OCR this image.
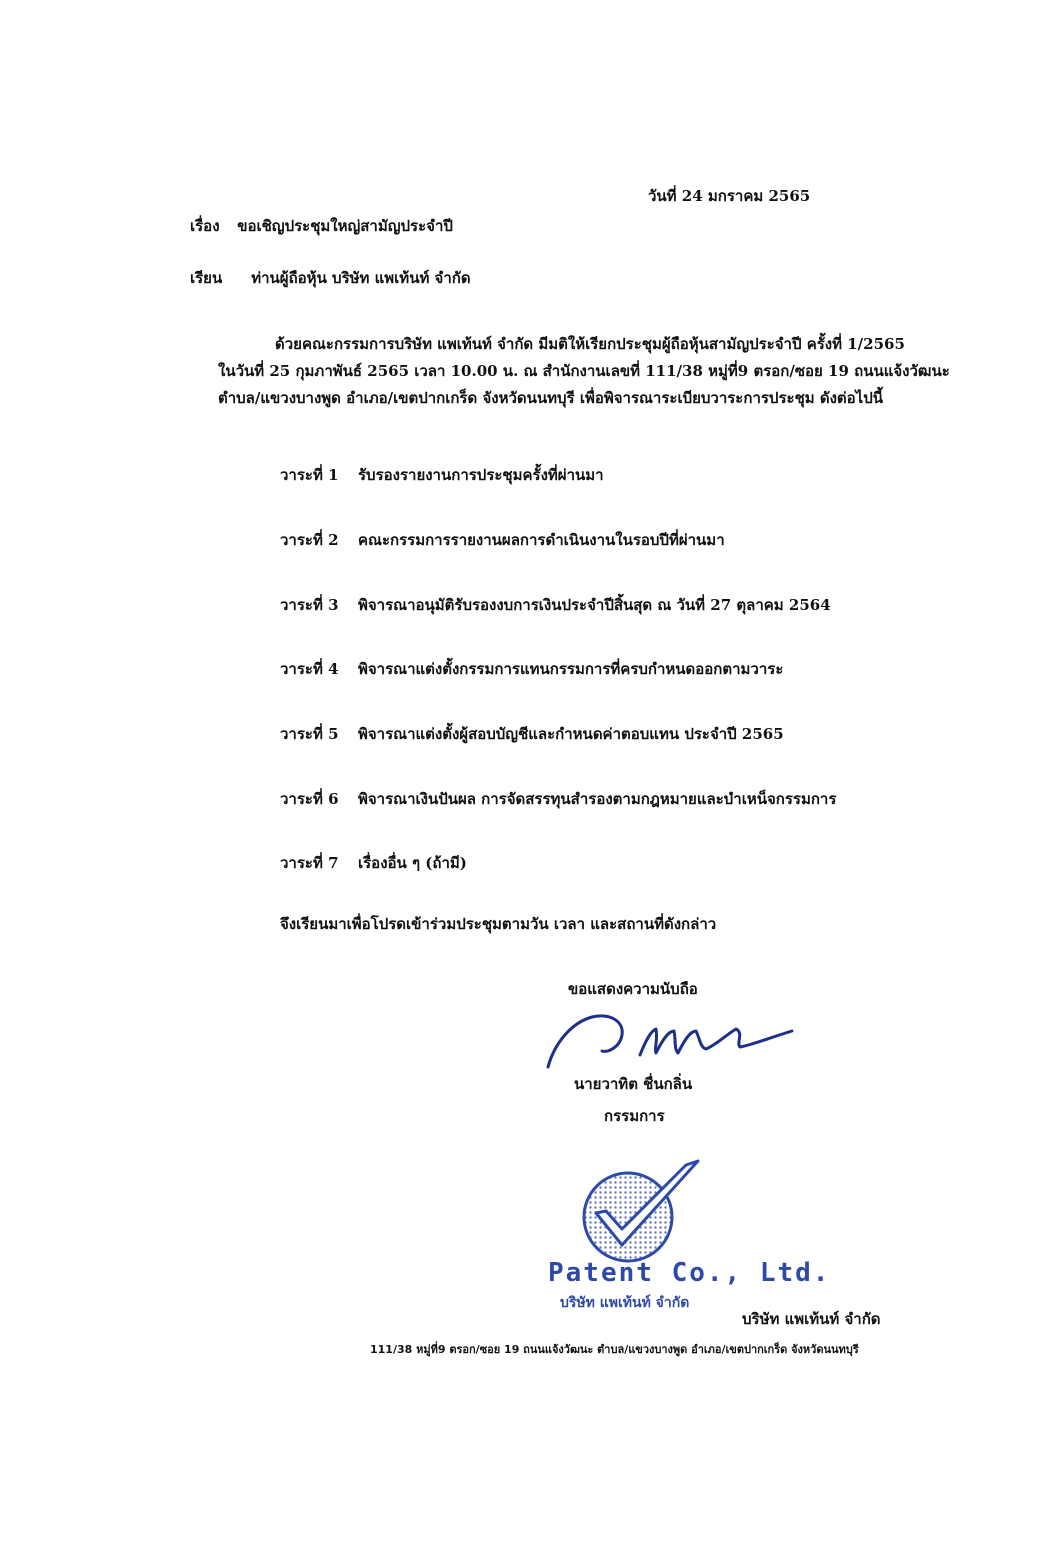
วันที่ 24 มกราคม 2565
เรื่อง ขอเชิญประชุมใหญ่สามัญประจำปี
เรียน ท่านผู้ถือหุ้น บริษัท แพเท้นท์ จำกัด
ด้วยคณะกรรมการบริษัท แพเท้นท์ จำกัด มีมติให้เรียกประชุมผู้ถือหุ้นสามัญประจำปี ครั้งที่ 1/2565
ในวันที่ 25 กุมภาพันธ์ 2565 เวลา 10.00 น. ณ สำนักงานเลขที่ 111/38 หมู่ที่9 ตรอก/ซอย 19 ถนนแจ้งวัฒนะ
ตำบล/แขวงบางพูด อำเภอ/เขตปากเกร็ด จังหวัดนนทบุรี เพื่อพิจารณาระเบียบวาระการประชุม ดังต่อไปนี้
วาระที่ 1 รับรองรายงานการประชุมครั้งที่ผ่านมา
วาระที่ 2 คณะกรรมการรายงานผลการดำเนินงานในรอบปีที่ผ่านมา
วาระที่ 3 พิจารณาอนุมัติรับรองงบการเงินประจำปีสิ้นสุด ณ วันที่ 27 ตุลาคม 2564
วาระที่ 4 พิจารณาแต่งตั้งกรรมการแทนกรรมการที่ครบกำหนดออกตามวาระ
วาระที่ 5 พิจารณาแต่งตั้งผู้สอบบัญชีและกำหนดค่าตอบแทน ประจำปี 2565
วาระที่ 6 พิจารณาเงินปันผล การจัดสรรทุนสำรองตามกฎหมายและบำเหน็จกรรมการ
วาระที่ 7 เรื่องอื่น ๆ (ถ้ามี)
จึงเรียนมาเพื่อโปรดเข้าร่วมประชุมตามวัน เวลา และสถานที่ดังกล่าว
ขอแสดงความนับถือ
นายวาทิต ชื่นกลิ่น
กรรมการ
Patent Co., Ltd.
บริษัท แพเท้นท์ จำกัด
บริษัท แพเท้นท์ จำกัด
111/38 หมู่ที่9 ตรอก/ซอย 19 ถนนแจ้งวัฒนะ ตำบล/แขวงบางพูด อำเภอ/เขตปากเกร็ด จังหวัดนนทบุรี
